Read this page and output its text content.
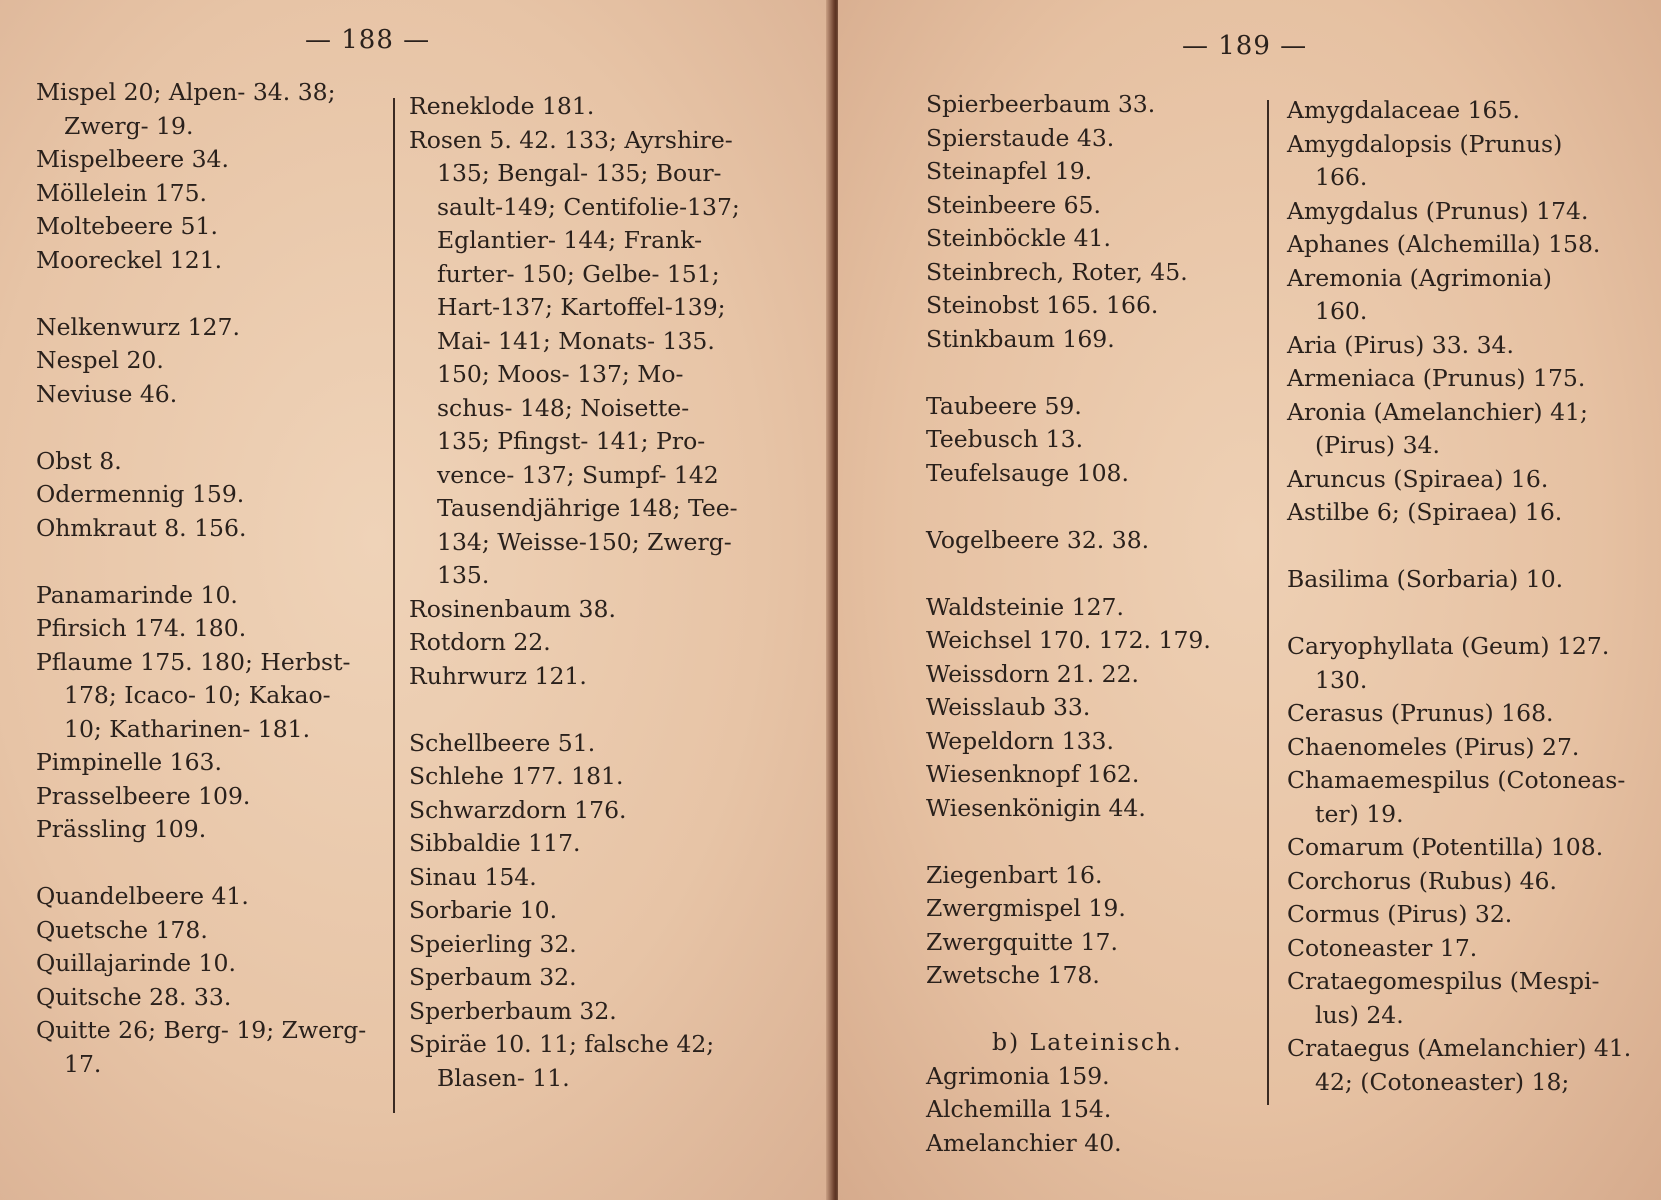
— 188 —
Mispel 20; Alpen- 34. 38;
Zwerg- 19.
Mispelbeere 34.
Möllelein 175.
Moltebeere 51.
Mooreckel 121.
Nelkenwurz 127.
Nespel 20.
Neviuse 46.
Obst 8.
Odermennig 159.
Ohmkraut 8. 156.
Panamarinde 10.
Pfirsich 174. 180.
Pflaume 175. 180; Herbst-
178; Icaco- 10; Kakao-
10; Katharinen- 181.
Pimpinelle 163.
Prasselbeere 109.
Prässling 109.
Quandelbeere 41.
Quetsche 178.
Quillajarinde 10.
Quitsche 28. 33.
Quitte 26; Berg- 19; Zwerg-
17.
Reneklode 181.
Rosen 5. 42. 133; Ayrshire-
135; Bengal- 135; Bour-
sault-149; Centifolie-137;
Eglantier- 144; Frank-
furter- 150; Gelbe- 151;
Hart-137; Kartoffel-139;
Mai- 141; Monats- 135.
150; Moos- 137; Mo-
schus- 148; Noisette-
135; Pfingst- 141; Pro-
vence- 137; Sumpf- 142
Tausendjährige 148; Tee-
134; Weisse-150; Zwerg-
135.
Rosinenbaum 38.
Rotdorn 22.
Ruhrwurz 121.
Schellbeere 51.
Schlehe 177. 181.
Schwarzdorn 176.
Sibbaldie 117.
Sinau 154.
Sorbarie 10.
Speierling 32.
Sperbaum 32.
Sperberbaum 32.
Spiräe 10. 11; falsche 42;
Blasen- 11.
— 189 —
Spierbeerbaum 33.
Spierstaude 43.
Steinapfel 19.
Steinbeere 65.
Steinböckle 41.
Steinbrech, Roter, 45.
Steinobst 165. 166.
Stinkbaum 169.
Taubeere 59.
Teebusch 13.
Teufelsauge 108.
Vogelbeere 32. 38.
Waldsteinie 127.
Weichsel 170. 172. 179.
Weissdorn 21. 22.
Weisslaub 33.
Wepeldorn 133.
Wiesenknopf 162.
Wiesenkönigin 44.
Ziegenbart 16.
Zwergmispel 19.
Zwergquitte 17.
Zwetsche 178.
b) Lateinisch.
Agrimonia 159.
Alchemilla 154.
Amelanchier 40.
Amygdalaceae 165.
Amygdalopsis (Prunus)
166.
Amygdalus (Prunus) 174.
Aphanes (Alchemilla) 158.
Aremonia (Agrimonia)
160.
Aria (Pirus) 33. 34.
Armeniaca (Prunus) 175.
Aronia (Amelanchier) 41;
(Pirus) 34.
Aruncus (Spiraea) 16.
Astilbe 6; (Spiraea) 16.
Basilima (Sorbaria) 10.
Caryophyllata (Geum) 127.
130.
Cerasus (Prunus) 168.
Chaenomeles (Pirus) 27.
Chamaemespilus (Cotoneas-
ter) 19.
Comarum (Potentilla) 108.
Corchorus (Rubus) 46.
Cormus (Pirus) 32.
Cotoneaster 17.
Crataegomespilus (Mespi-
lus) 24.
Crataegus (Amelanchier) 41.
42; (Cotoneaster) 18;
